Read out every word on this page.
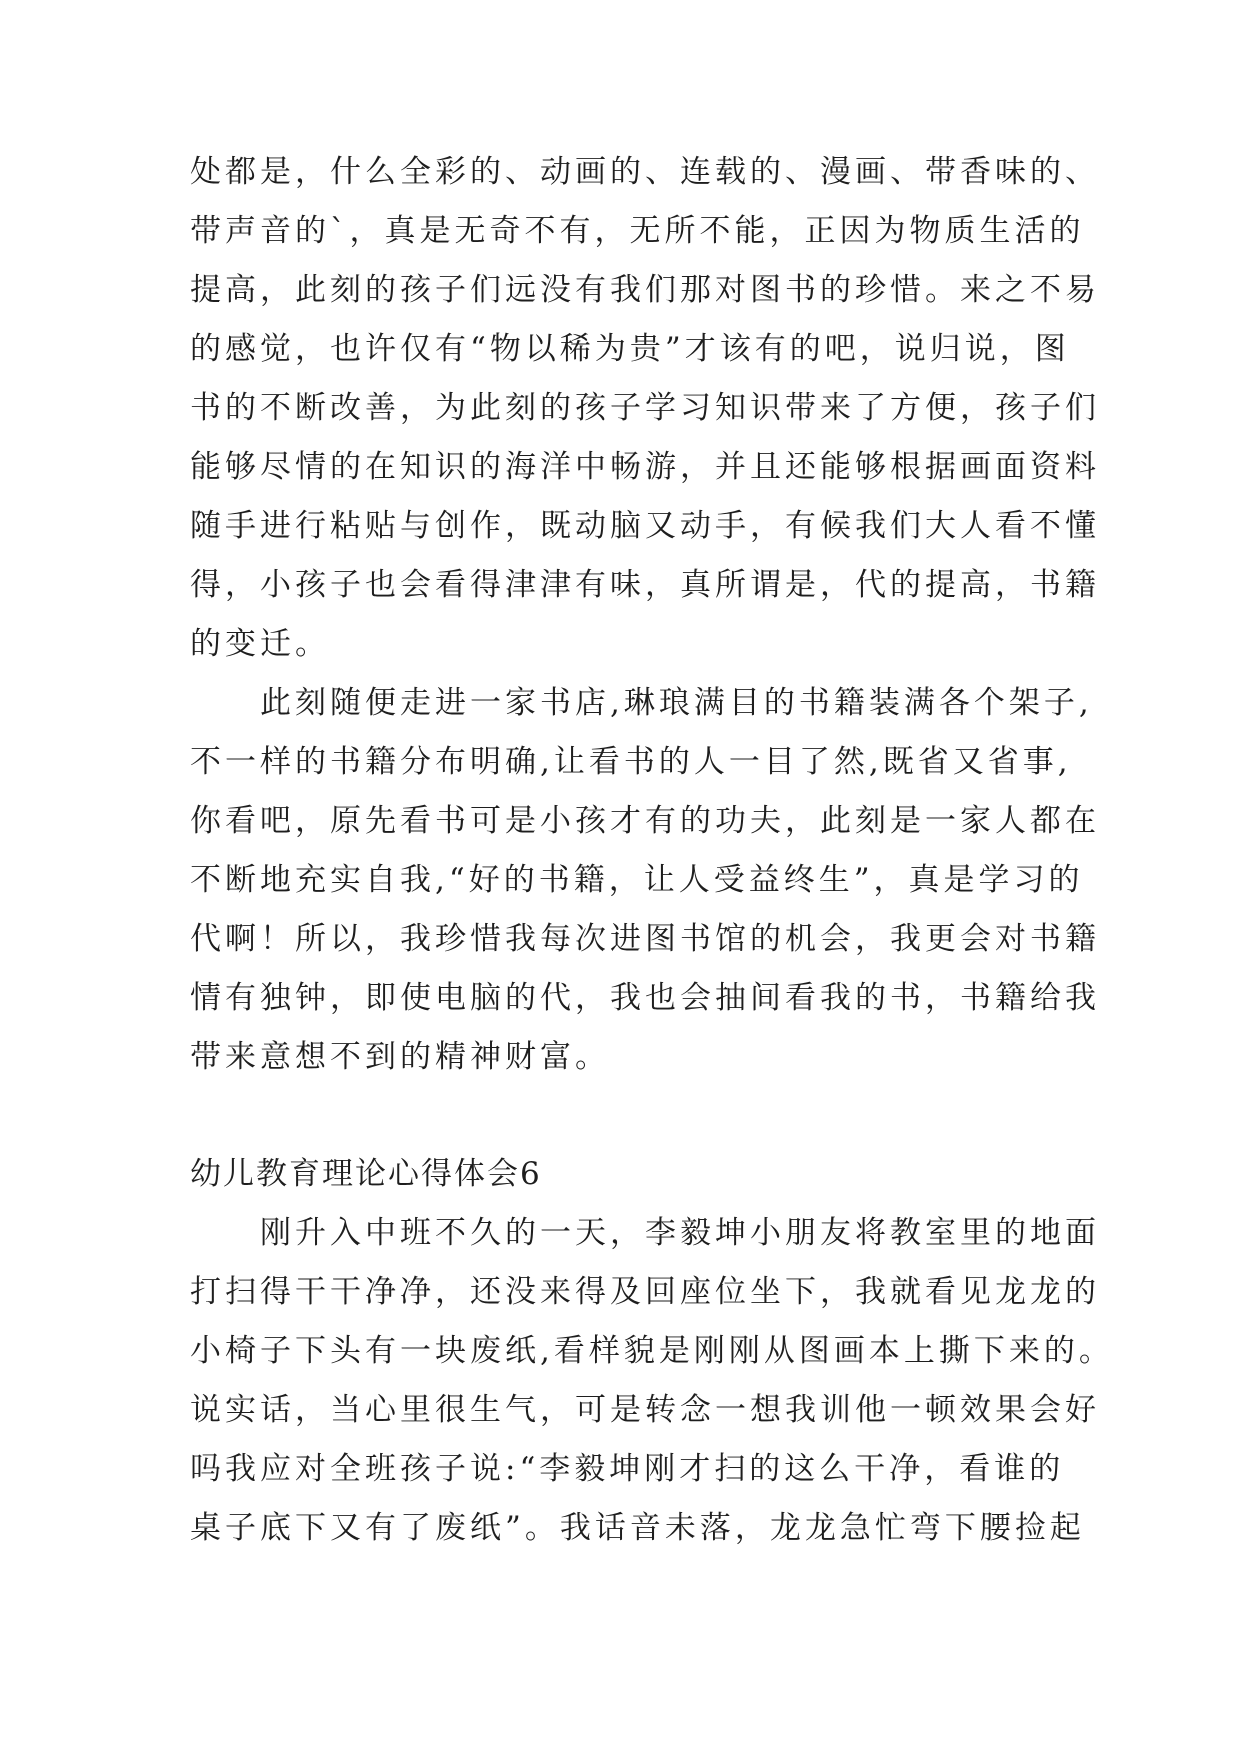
处都是，什么全彩的、动画的、连载的、漫画、带香味的、
带声音的`，真是无奇不有，无所不能，正因为物质生活的
提高，此刻的孩子们远没有我们那对图书的珍惜。来之不易
的感觉，也许仅有“物以稀为贵”才该有的吧，说归说，图
书的不断改善，为此刻的孩子学习知识带来了方便，孩子们
能够尽情的在知识的海洋中畅游，并且还能够根据画面资料
随手进行粘贴与创作，既动脑又动手，有候我们大人看不懂
得，小孩子也会看得津津有味，真所谓是，代的提高，书籍
的变迁。
　　此刻随便走进一家书店,琳琅满目的书籍装满各个架子,
不一样的书籍分布明确,让看书的人一目了然,既省又省事,
你看吧，原先看书可是小孩才有的功夫，此刻是一家人都在
不断地充实自我,“好的书籍，让人受益终生”，真是学习的
代啊！所以，我珍惜我每次进图书馆的机会，我更会对书籍
情有独钟，即使电脑的代，我也会抽间看我的书，书籍给我
带来意想不到的精神财富。
幼儿教育理论心得体会6
　　刚升入中班不久的一天，李毅坤小朋友将教室里的地面
打扫得干干净净，还没来得及回座位坐下，我就看见龙龙的
小椅子下头有一块废纸,看样貌是刚刚从图画本上撕下来的。
说实话，当心里很生气，可是转念一想我训他一顿效果会好
吗我应对全班孩子说:“李毅坤刚才扫的这么干净，看谁的
桌子底下又有了废纸”。我话音未落，龙龙急忙弯下腰捡起
